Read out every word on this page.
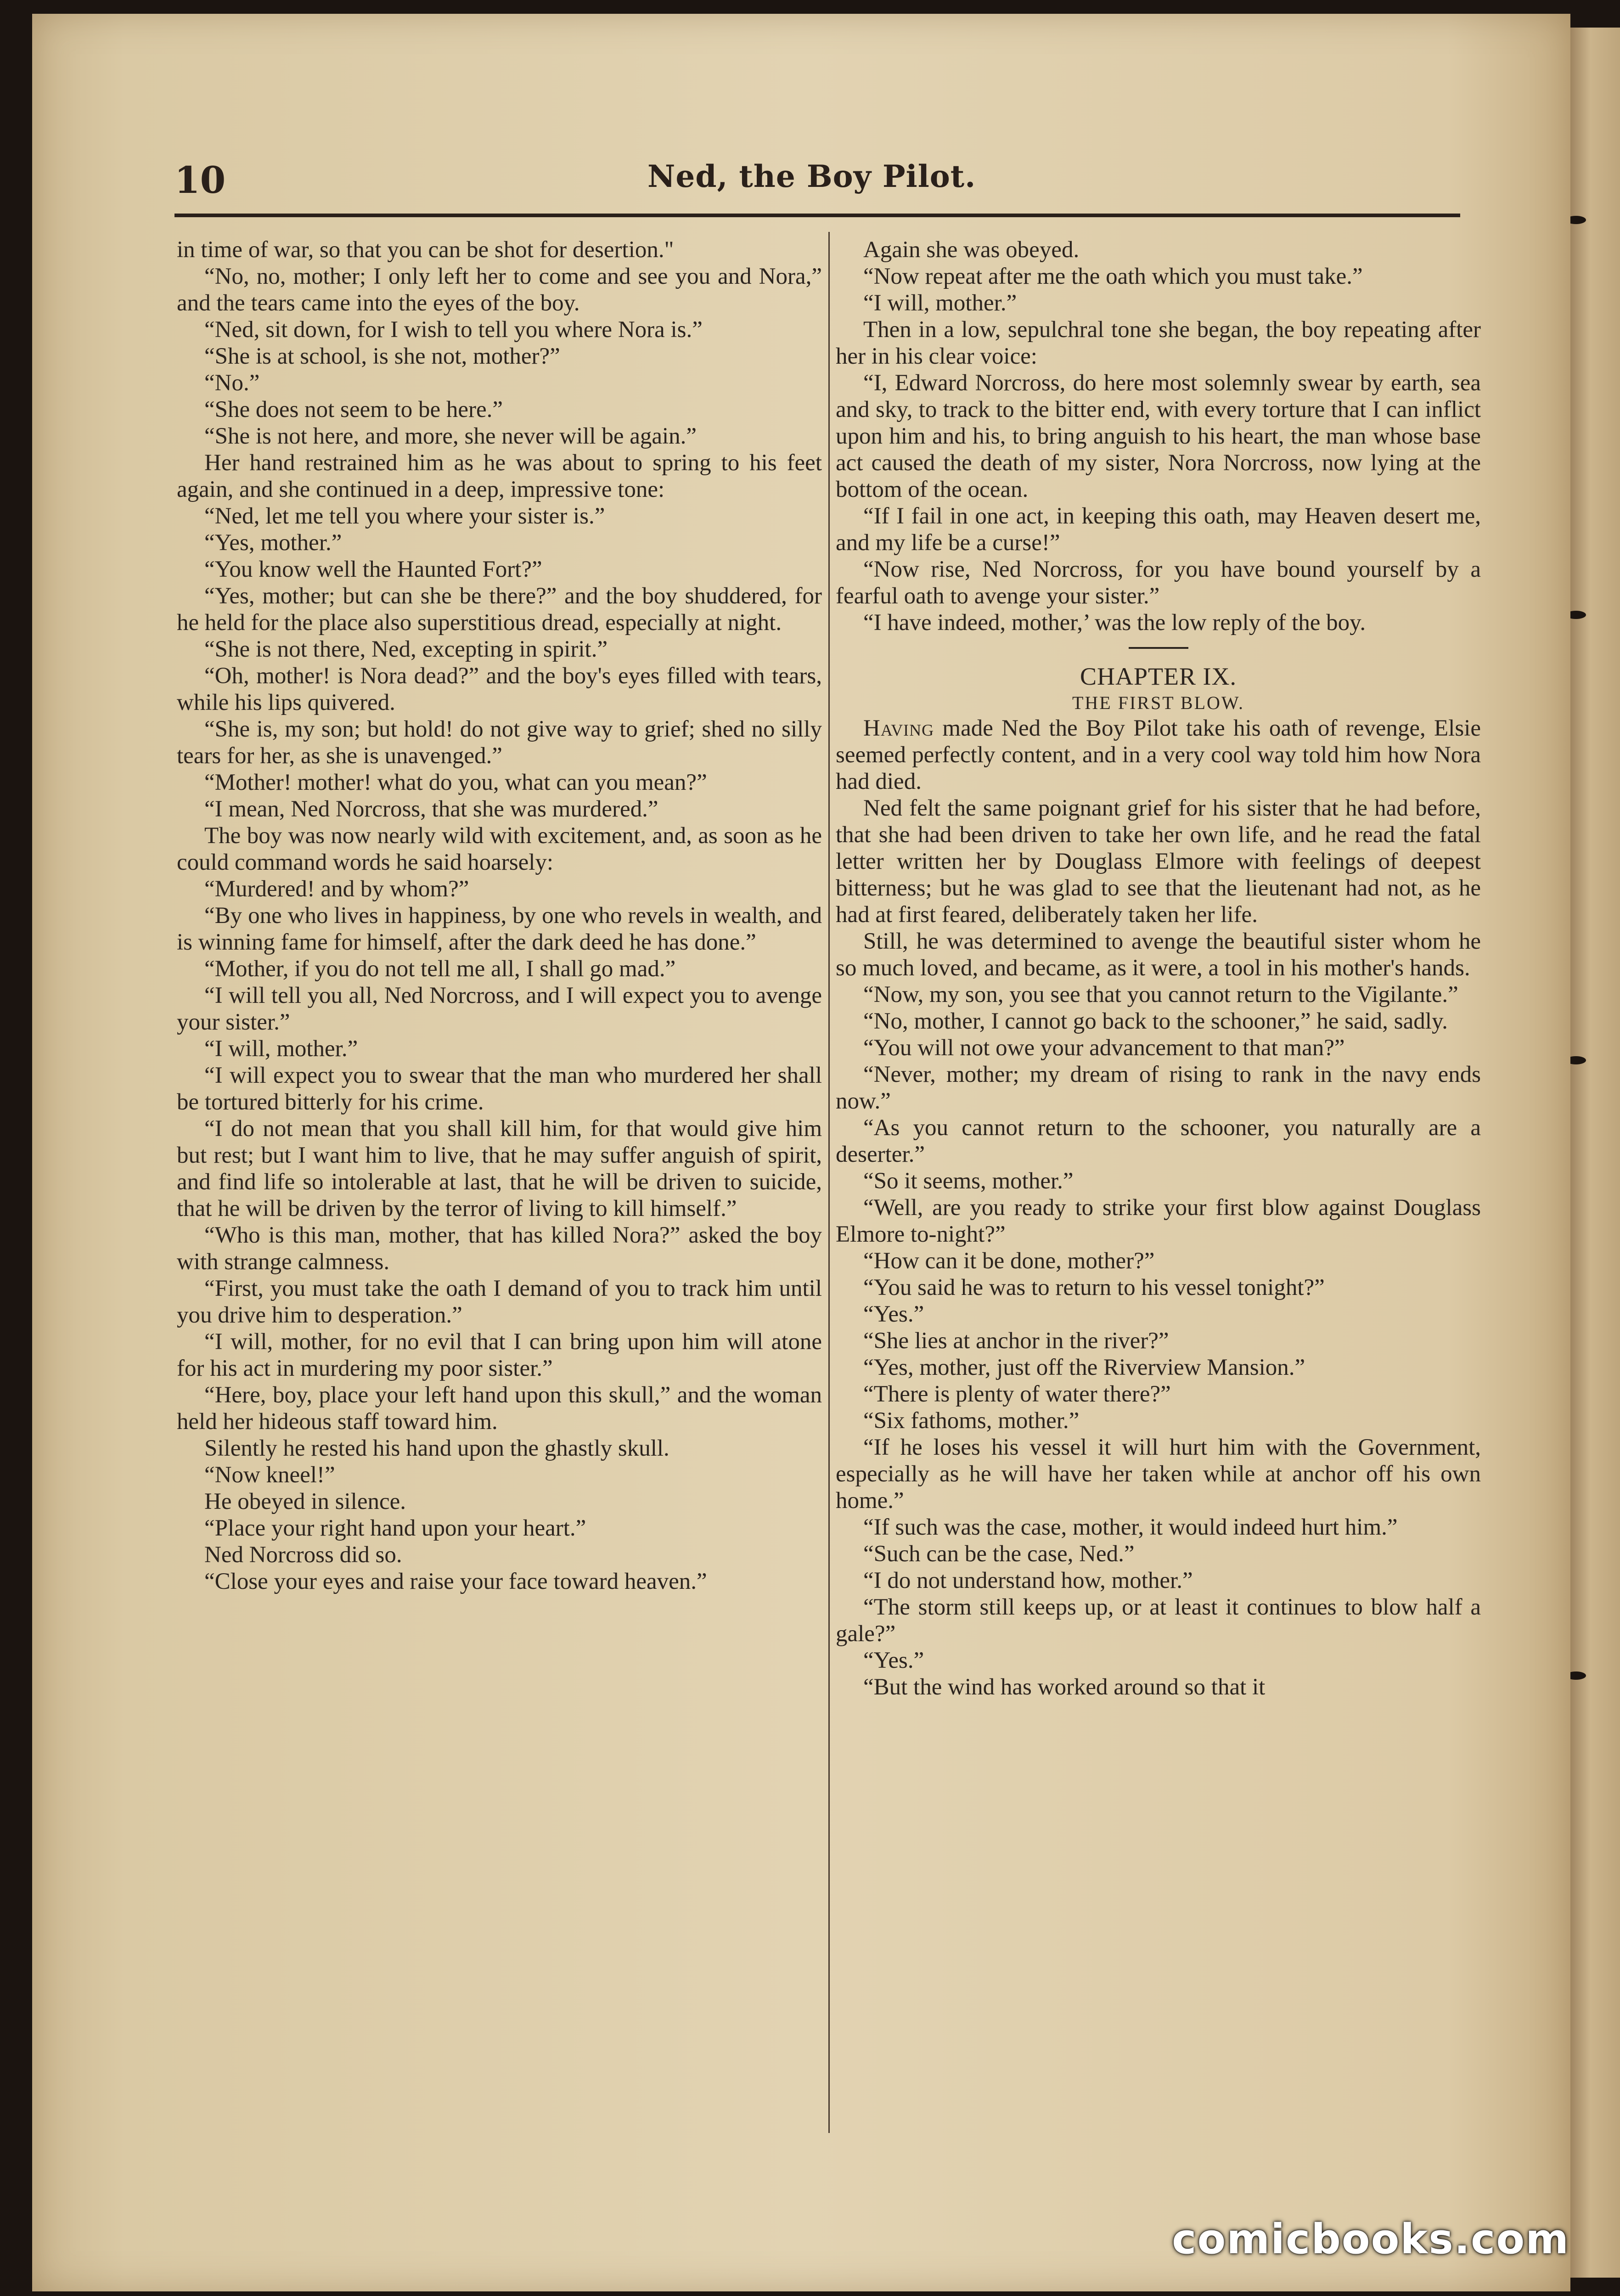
10	Ned, the Boy Pilot.

in time of war, so that you can be shot for desertion."

“No, no, mother; I only left her to come and see you and Nora,” and the tears came into the eyes of the boy.

“Ned, sit down, for I wish to tell you where Nora is.”

“She is at school, is she not, mother?”

“No.”

“She does not seem to be here.”

“She is not here, and more, she never will be again.”

Her hand restrained him as he was about to spring to his feet again, and she continued in a deep, impressive tone:

“Ned, let me tell you where your sister is.”

“Yes, mother.”

“You know well the Haunted Fort?”

“Yes, mother; but can she be there?” and the boy shuddered, for he held for the place also superstitious dread, especially at night.

“She is not there, Ned, excepting in spirit.”

“Oh, mother! is Nora dead?” and the boy's eyes filled with tears, while his lips quivered.

“She is, my son; but hold! do not give way to grief; shed no silly tears for her, as she is unavenged.”

“Mother! mother! what do you, what can you mean?”

“I mean, Ned Norcross, that she was murdered.”

The boy was now nearly wild with excitement, and, as soon as he could command words he said hoarsely:

“Murdered! and by whom?”

“By one who lives in happiness, by one who revels in wealth, and is winning fame for himself, after the dark deed he has done.”

“Mother, if you do not tell me all, I shall go mad.”

“I will tell you all, Ned Norcross, and I will expect you to avenge your sister.”

“I will, mother.”

“I will expect you to swear that the man who murdered her shall be tortured bitterly for his crime.

“I do not mean that you shall kill him, for that would give him but rest; but I want him to live, that he may suffer anguish of spirit, and find life so intolerable at last, that he will be driven to suicide, that he will be driven by the terror of living to kill himself.”

“Who is this man, mother, that has killed Nora?” asked the boy with strange calmness.

“First, you must take the oath I demand of you to track him until you drive him to desperation.”

“I will, mother, for no evil that I can bring upon him will atone for his act in murdering my poor sister.”

“Here, boy, place your left hand upon this skull,” and the woman held her hideous staff toward him.

Silently he rested his hand upon the ghastly skull.

“Now kneel!”

He obeyed in silence.

“Place your right hand upon your heart.”

Ned Norcross did so.

“Close your eyes and raise your face toward heaven.”

Again she was obeyed.

“Now repeat after me the oath which you must take.”

“I will, mother.”

Then in a low, sepulchral tone she began, the boy repeating after her in his clear voice:

“I, Edward Norcross, do here most solemnly swear by earth, sea and sky, to track to the bitter end, with every torture that I can inflict upon him and his, to bring anguish to his heart, the man whose base act caused the death of my sister, Nora Norcross, now lying at the bottom of the ocean.

“If I fail in one act, in keeping this oath, may Heaven desert me, and my life be a curse!”

“Now rise, Ned Norcross, for you have bound yourself by a fearful oath to avenge your sister.”

“I have indeed, mother,’ was the low reply of the boy.

CHAPTER IX.
THE FIRST BLOW.

Having made Ned the Boy Pilot take his oath of revenge, Elsie seemed perfectly content, and in a very cool way told him how Nora had died.

Ned felt the same poignant grief for his sister that he had before, that she had been driven to take her own life, and he read the fatal letter written her by Douglass Elmore with feelings of deepest bitterness; but he was glad to see that the lieutenant had not, as he had at first feared, deliberately taken her life.

Still, he was determined to avenge the beautiful sister whom he so much loved, and became, as it were, a tool in his mother's hands.

“Now, my son, you see that you cannot return to the Vigilante.”

“No, mother, I cannot go back to the schooner,” he said, sadly.

“You will not owe your advancement to that man?”

“Never, mother; my dream of rising to rank in the navy ends now.”

“As you cannot return to the schooner, you naturally are a deserter.”

“So it seems, mother.”

“Well, are you ready to strike your first blow against Douglass Elmore to-night?”

“How can it be done, mother?”

“You said he was to return to his vessel tonight?”

“Yes.”

“She lies at anchor in the river?”

“Yes, mother, just off the Riverview Mansion.”

“There is plenty of water there?”

“Six fathoms, mother.”

“If he loses his vessel it will hurt him with the Government, especially as he will have her taken while at anchor off his own home.”

“If such was the case, mother, it would indeed hurt him.”

“Such can be the case, Ned.”

“I do not understand how, mother.”

“The storm still keeps up, or at least it continues to blow half a gale?”

“Yes.”

“But the wind has worked around so that it

comicbooks.com
